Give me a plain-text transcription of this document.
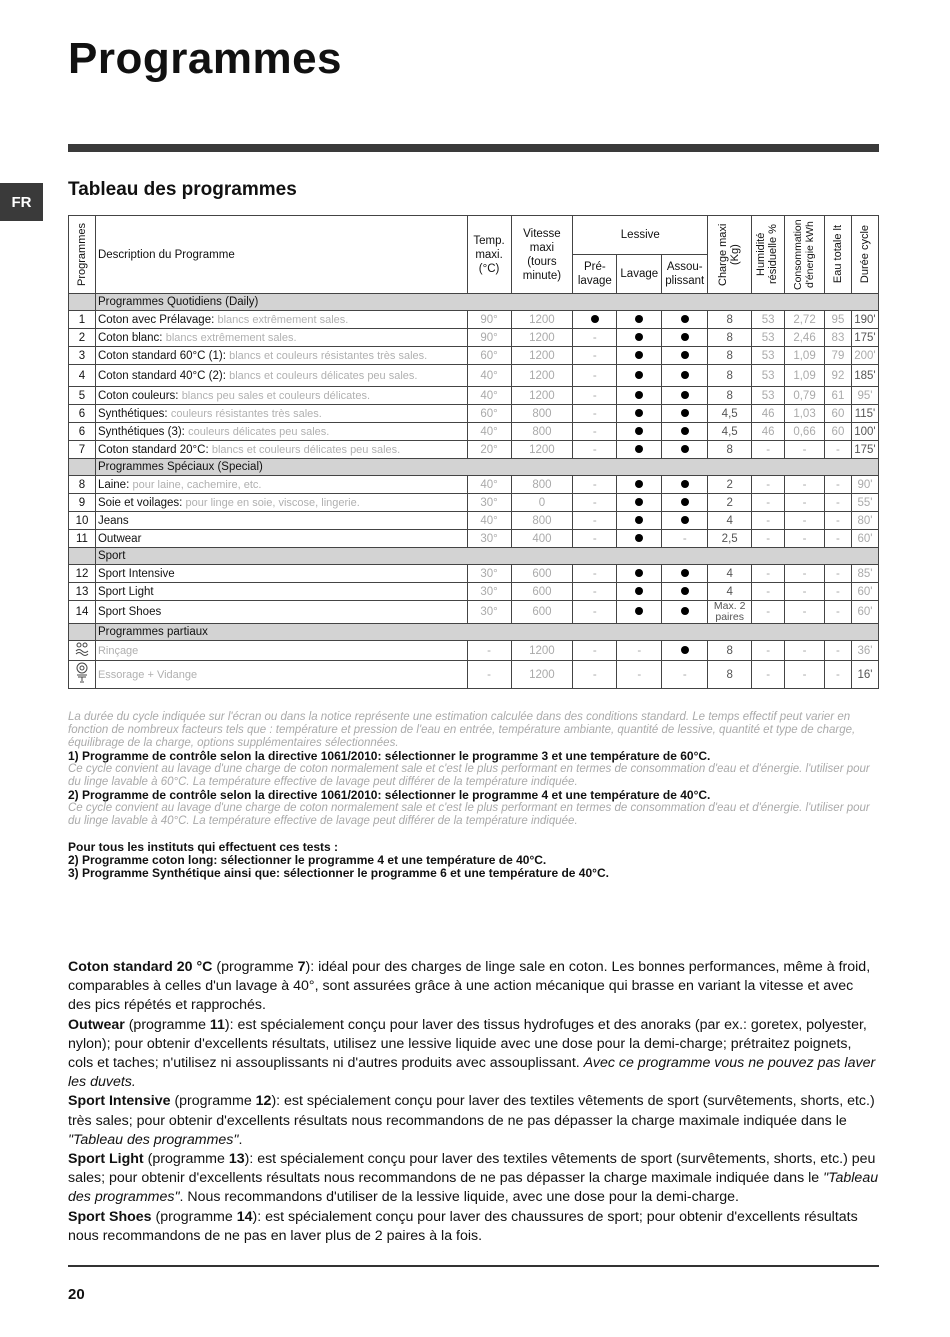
Programmes
FR
Tableau des programmes
Programmes	Description du Programme	Temp. maxi. (°C)	Vitesse maxi (tours minute)	Lessive			Charge maxi (Kg)	Humidité résiduelle %	Consommation d'énergie kWh	Eau totale lt	Durée cycle

				Pré-lavage	Lavage	Assou-plissant					
	Programmes Quotidiens (Daily)										
1	Coton avec Prélavage: blancs extrêmement sales.	90°	1200				8	53	2,72	95	190'
2	Coton blanc: blancs extrêmement sales.	90°	1200	-			8	53	2,46	83	175'
3	Coton standard 60°C (1): blancs et couleurs résistantes très sales.	60°	1200	-			8	53	1,09	79	200'
4	Coton standard 40°C (2): blancs et couleurs délicates peu sales.	40°	1200	-			8	53	1,09	92	185'
5	Coton couleurs: blancs peu sales et couleurs délicates.	40°	1200	-			8	53	0,79	61	95'
6	Synthétiques: couleurs résistantes très sales.	60°	800	-			4,5	46	1,03	60	115'
6	Synthétiques (3): couleurs délicates peu sales.	40°	800	-			4,5	46	0,66	60	100'
7	Coton standard 20°C: blancs et couleurs délicates peu sales.	20°	1200	-			8	-	-	-	175'
	Programmes Spéciaux (Special)										
8	Laine: pour laine, cachemire, etc.	40°	800	-			2	-	-	-	90'
9	Soie et voilages: pour linge en soie, viscose, lingerie.	30°	0	-			2	-	-	-	55'
10	Jeans	40°	800	-			4	-	-	-	80'
11	Outwear	30°	400	-		-	2,5	-	-	-	60'
	Sport										
12	Sport Intensive	30°	600	-			4	-	-	-	85'
13	Sport Light	30°	600	-			4	-	-	-	60'
14	Sport Shoes	30°	600	-			Max. 2 paires	-	-	-	60'
	Programmes partiaux										
	Rinçage	-	1200	-	-		8	-	-	-	36'
	Essorage + Vidange	-	1200	-	-	-	8	-	-	-	16'
La durée du cycle indiquée sur l'écran ou dans la notice représente une estimation calculée dans des conditions standard. Le temps effectif peut varier en fonction de nombreux facteurs tels que : température et pression de l'eau en entrée, température ambiante, quantité de lessive, quantité et type de charge, équilibrage de la charge, options supplémentaires sélectionnées.
1) Programme de contrôle selon la directive 1061/2010: sélectionner le programme 3 et une température de 60°C.
Ce cycle convient au lavage d'une charge de coton normalement sale et c'est le plus performant en termes de consommation d'eau et d'énergie. l'utiliser pour du linge lavable à 60°C. La température effective de lavage peut différer de la température indiquée.
2) Programme de contrôle selon la directive 1061/2010: sélectionner le programme 4 et une température de 40°C.
Ce cycle convient au lavage d'une charge de coton normalement sale et c'est le plus performant en termes de consommation d'eau et d'énergie. l'utiliser pour du linge lavable à 40°C. La température effective de lavage peut différer de la température indiquée.
Pour tous les instituts qui effectuent ces tests :
2) Programme coton long: sélectionner le programme 4 et une température de 40°C.
3) Programme Synthétique ainsi que: sélectionner le programme 6 et une température de 40°C.

Coton standard 20 °C (programme 7): idéal pour des charges de linge sale en coton. Les bonnes performances, même à froid, comparables à celles d'un lavage à 40°, sont assurées grâce à une action mécanique qui brasse en variant la vitesse et avec des pics répétés et rapprochés.

Outwear (programme 11): est spécialement conçu pour laver des tissus hydrofuges et des anoraks (par ex.: goretex, polyester, nylon); pour obtenir d'excellents résultats, utilisez une lessive liquide avec une dose pour la demi-charge; prétraitez poignets, cols et taches; n'utilisez ni assouplissants ni d'autres produits avec assouplissant. Avec ce programme vous ne pouvez pas laver les duvets.

Sport Intensive (programme 12): est spécialement conçu pour laver des textiles vêtements de sport (survêtements, shorts, etc.) très sales; pour obtenir d'excellents résultats nous recommandons de ne pas dépasser la charge maximale indiquée dans le "Tableau des programmes".

Sport Light (programme 13): est spécialement conçu pour laver des textiles vêtements de sport (survêtements, shorts, etc.) peu sales; pour obtenir d'excellents résultats nous recommandons de ne pas dépasser la charge maximale indiquée dans le "Tableau des programmes". Nous recommandons d'utiliser de la lessive liquide, avec une dose pour la demi-charge.

Sport Shoes (programme 14): est spécialement conçu pour laver des chaussures de sport; pour obtenir d'excellents résultats nous recommandons de ne pas en laver plus de 2 paires à la fois.

20
